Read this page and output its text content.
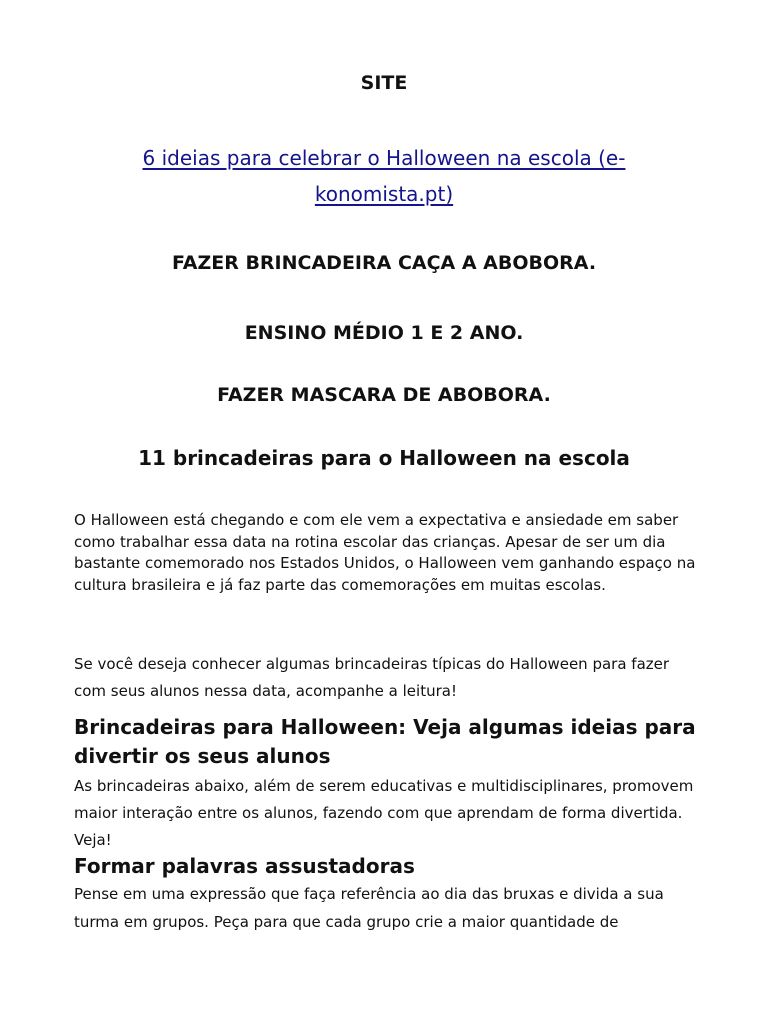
SITE
6 ideias para celebrar o Halloween na escola (e-konomista.pt)
FAZER BRINCADEIRA CAÇA A ABOBORA.
ENSINO MÉDIO 1 E 2 ANO.
FAZER MASCARA DE ABOBORA.
11 brincadeiras para o Halloween na escola
O Halloween está chegando e com ele vem a expectativa e ansiedade em saber como trabalhar essa data na rotina escolar das crianças. Apesar de ser um dia bastante comemorado nos Estados Unidos, o Halloween vem ganhando espaço na cultura brasileira e já faz parte das comemorações em muitas escolas.
Se você deseja conhecer algumas brincadeiras típicas do Halloween para fazer com seus alunos nessa data, acompanhe a leitura!
Brincadeiras para Halloween: Veja algumas ideias para divertir os seus alunos
As brincadeiras abaixo, além de serem educativas e multidisciplinares, promovem maior interação entre os alunos, fazendo com que aprendam de forma divertida. Veja!
Formar palavras assustadoras
Pense em uma expressão que faça referência ao dia das bruxas e divida a sua turma em grupos. Peça para que cada grupo crie a maior quantidade de
